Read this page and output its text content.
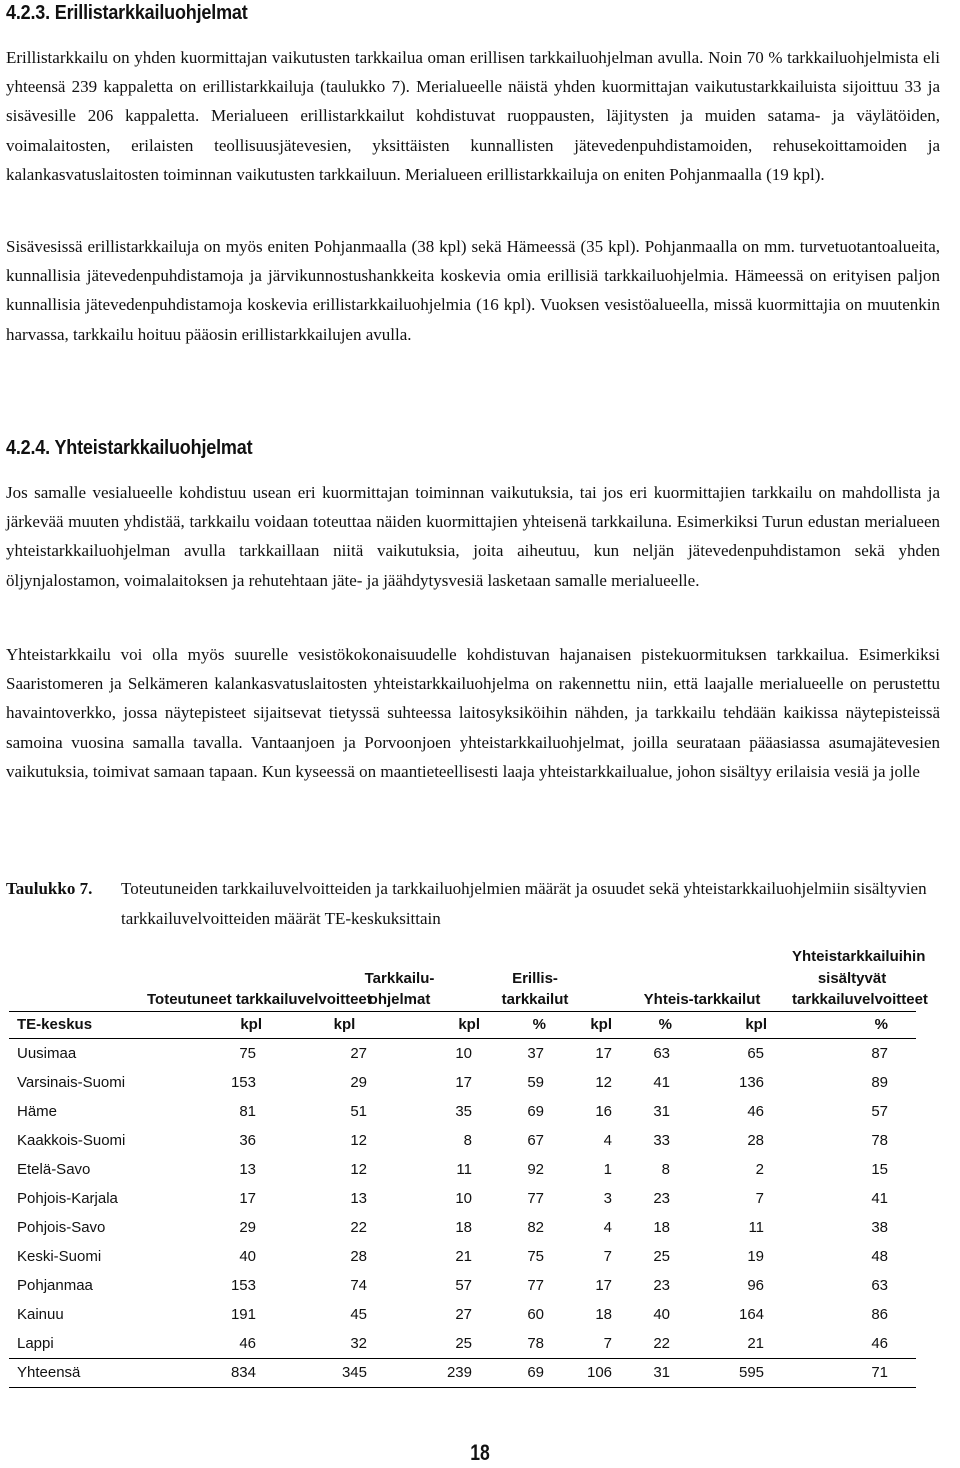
4.2.3. Erillistarkkailuohjelmat

Erillistarkkailu on yhden kuormittajan vaikutusten tarkkailua oman erillisen tarkkailuohjelman avulla. Noin 70 % tarkkailuohjelmista eli yhteensä 239 kappaletta on erillistarkkailuja (taulukko 7). Merialueelle näistä yhden kuormittajan vaikutustarkkailuista sijoittuu 33 ja sisävesille 206 kappaletta. Merialueen erillistarkkailut kohdistuvat ruoppausten, läjitysten ja muiden satama- ja väylätöiden, voimalaitosten, erilaisten teollisuusjätevesien, yksittäisten kunnallisten jätevedenpuhdistamoiden, rehusekoittamoiden ja kalankasvatuslaitosten toiminnan vaikutusten tarkkailuun. Merialueen erillistarkkailuja on eniten Pohjanmaalla (19 kpl).

Sisävesissä erillistarkkailuja on myös eniten Pohjanmaalla (38 kpl) sekä Hämeessä (35 kpl). Pohjanmaalla on mm. turvetuotantoalueita, kunnallisia jätevedenpuhdistamoja ja järvikunnostushankkeita koskevia omia erillisiä tarkkailuohjelmia. Hämeessä on erityisen paljon kunnallisia jätevedenpuhdistamoja koskevia erillistarkkailuohjelmia (16 kpl). Vuoksen vesistöalueella, missä kuormittajia on muutenkin harvassa, tarkkailu hoituu pääosin erillistarkkailujen avulla.

4.2.4. Yhteistarkkailuohjelmat

Jos samalle vesialueelle kohdistuu usean eri kuormittajan toiminnan vaikutuksia, tai jos eri kuormittajien tarkkailu on mahdollista ja järkevää muuten yhdistää, tarkkailu voidaan toteuttaa näiden kuormittajien yhteisenä tarkkailuna. Esimerkiksi Turun edustan merialueen yhteistarkkailuohjelman avulla tarkkaillaan niitä vaikutuksia, joita aiheutuu, kun neljän jätevedenpuhdistamon sekä yhden öljynjalostamon, voimalaitoksen ja rehutehtaan jäte- ja jäähdytysvesiä lasketaan samalle merialueelle.

Yhteistarkkailu voi olla myös suurelle vesistökokonaisuudelle kohdistuvan hajanaisen pistekuormituksen tarkkailua. Esimerkiksi Saaristomeren ja Selkämeren kalankasvatuslaitosten yhteistarkkailuohjelma on rakennettu niin, että laajalle merialueelle on perustettu havaintoverkko, jossa näytepisteet sijaitsevat tietyssä suhteessa laitosyksiköihin nähden, ja tarkkailu tehdään kaikissa näytepisteissä samoina vuosina samalla tavalla. Vantaanjoen ja Porvoonjoen yhteistarkkailuohjelmat, joilla seurataan pääasiassa asumajätevesien vaikutuksia, toimivat samaan tapaan. Kun kyseessä on maantieteellisesti laaja yhteistarkkailualue, johon sisältyy erilaisia vesiä ja jolle

Taulukko 7. Toteutuneiden tarkkailuvelvoitteiden ja tarkkailuohjelmien määrät ja osuudet sekä yhteistarkkailuohjelmiin sisältyvien tarkkailuvelvoitteiden määrät TE-keskuksittain
	Toteutuneet tarkkailuvelvoitteet		Tarkkailu-ohjelmat	Erillis-tarkkailut		Yhteis-tarkkailut		Yhteistarkkailuihin sisältyvät tarkkailuvelvoitteet
TE-keskus	kpl	kpl	kpl	%	kpl	%	kpl	%
Uusimaa	75	27	10	37	17	63	65	87
Varsinais-Suomi	153	29	17	59	12	41	136	89
Häme	81	51	35	69	16	31	46	57
Kaakkois-Suomi	36	12	8	67	4	33	28	78
Etelä-Savo	13	12	11	92	1	8	2	15
Pohjois-Karjala	17	13	10	77	3	23	7	41
Pohjois-Savo	29	22	18	82	4	18	11	38
Keski-Suomi	40	28	21	75	7	25	19	48
Pohjanmaa	153	74	57	77	17	23	96	63
Kainuu	191	45	27	60	18	40	164	86
Lappi	46	32	25	78	7	22	21	46
Yhteensä	834	345	239	69	106	31	595	71
18
